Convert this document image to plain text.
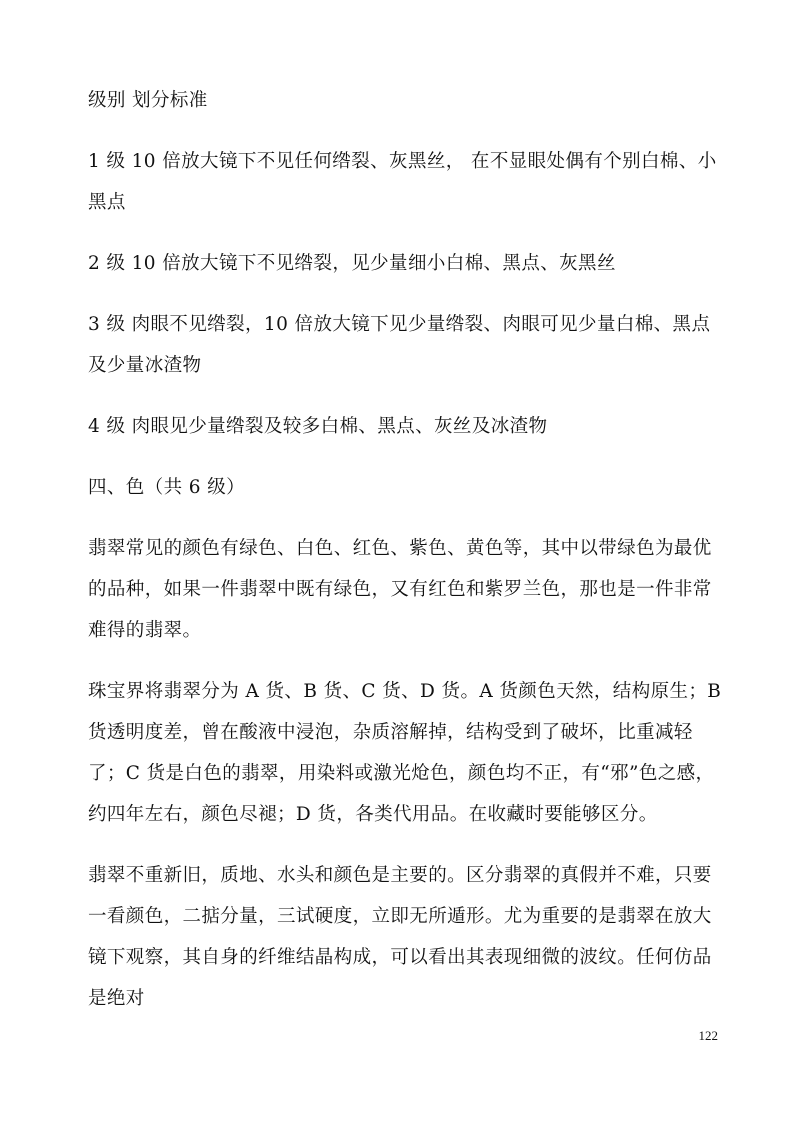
级别 划分标准

1 级 10 倍放大镜下不见任何绺裂、灰黑丝， 在不显眼处偶有个别白棉、小黑点

2 级 10 倍放大镜下不见绺裂，见少量细小白棉、黑点、灰黑丝

3 级 肉眼不见绺裂，10 倍放大镜下见少量绺裂、肉眼可见少量白棉、黑点及少量冰渣物

4 级 肉眼见少量绺裂及较多白棉、黑点、灰丝及冰渣物

四、色（共 6 级）

翡翠常见的颜色有绿色、白色、红色、紫色、黄色等，其中以带绿色为最优的品种，如果一件翡翠中既有绿色，又有红色和紫罗兰色，那也是一件非常难得的翡翠。

珠宝界将翡翠分为 A 货、B 货、C 货、D 货。A 货颜色天然，结构原生；B 货透明度差，曾在酸液中浸泡，杂质溶解掉，结构受到了破坏，比重减轻了；C 货是白色的翡翠，用染料或激光炝色，颜色均不正，有“邪”色之感，约四年左右，颜色尽褪；D 货，各类代用品。在收藏时要能够区分。

翡翠不重新旧，质地、水头和颜色是主要的。区分翡翠的真假并不难，只要一看颜色，二掂分量，三试硬度，立即无所遁形。尤为重要的是翡翠在放大镜下观察，其自身的纤维结晶构成，可以看出其表现细微的波纹。任何仿品是绝对

122
